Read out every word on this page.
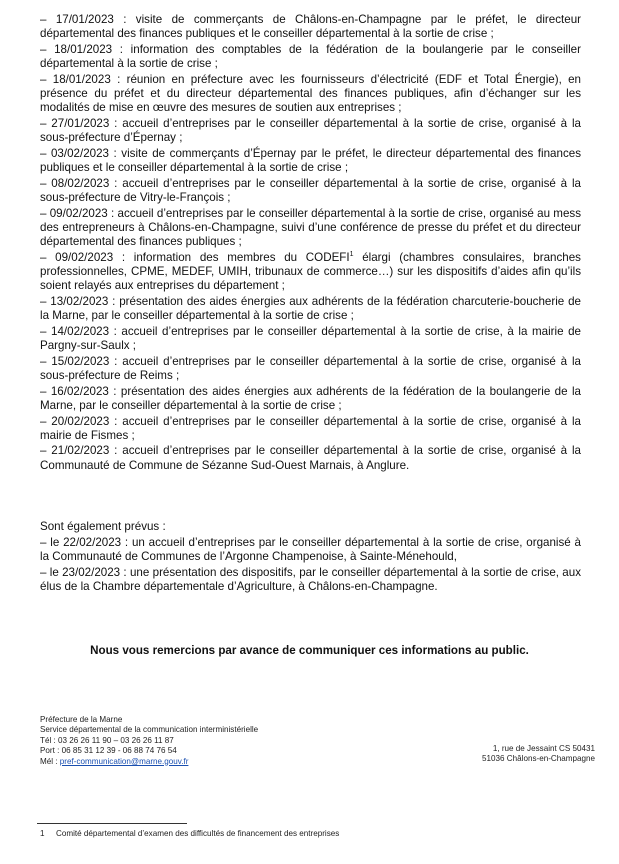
– 17/01/2023 : visite de commerçants de Châlons-en-Champagne par le préfet, le directeur départemental des finances publiques et le conseiller départemental à la sortie de crise ;

– 18/01/2023 : information des comptables de la fédération de la boulangerie par le conseiller départemental à la sortie de crise ;

– 18/01/2023 : réunion en préfecture avec les fournisseurs d’électricité (EDF et Total Énergie), en présence du préfet et du directeur départemental des finances publiques, afin d’échanger sur les modalités de mise en œuvre des mesures de soutien aux entreprises ;

– 27/01/2023 : accueil d’entreprises par le conseiller départemental à la sortie de crise, organisé à la sous-préfecture d’Épernay ;

– 03/02/2023 : visite de commerçants d’Épernay par le préfet, le directeur départemental des finances publiques et le conseiller départemental à la sortie de crise ;

– 08/02/2023 : accueil d’entreprises par le conseiller départemental à la sortie de crise, organisé à la sous-préfecture de Vitry-le-François ;

– 09/02/2023 : accueil d’entreprises par le conseiller départemental à la sortie de crise, organisé au mess des entrepreneurs à Châlons-en-Champagne, suivi d’une conférence de presse du préfet et du directeur départemental des finances publiques ;

– 09/02/2023 : information des membres du CODEFI$^1$ élargi (chambres consulaires, branches professionnelles, CPME, MEDEF, UMIH, tribunaux de commerce…) sur les dispositifs d’aides afin qu’ils soient relayés aux entreprises du département ;

– 13/02/2023 : présentation des aides énergies aux adhérents de la fédération charcuterie-boucherie de la Marne, par le conseiller départemental à la sortie de crise ;

– 14/02/2023 : accueil d’entreprises par le conseiller départemental à la sortie de crise, à la mairie de Pargny-sur-Saulx ;

– 15/02/2023 : accueil d’entreprises par le conseiller départemental à la sortie de crise, organisé à la sous-préfecture de Reims ;

– 16/02/2023 : présentation des aides énergies aux adhérents de la fédération de la boulangerie de la Marne, par le conseiller départemental à la sortie de crise ;

– 20/02/2023 : accueil d’entreprises par le conseiller départemental à la sortie de crise, organisé à la mairie de Fismes ;

– 21/02/2023 : accueil d’entreprises par le conseiller départemental à la sortie de crise, organisé à la Communauté de Commune de Sézanne Sud-Ouest Marnais, à Anglure.

Sont également prévus :

– le 22/02/2023 : un accueil d’entreprises par le conseiller départemental à la sortie de crise, organisé à la Communauté de Communes de l’Argonne Champenoise, à Sainte-Ménehould,

– le 23/02/2023 : une présentation des dispositifs, par le conseiller départemental à la sortie de crise, aux élus de la Chambre départementale d’Agriculture, à Châlons-en-Champagne.

Nous vous remercions par avance de communiquer ces informations au public.
Préfecture de la Marne
Service départemental de la communication interministérielle
Tél : 03 26 26 11 90 – 03 26 26 11 87
Port : 06 85 31 12 39 - 06 88 74 76 54
Mél : pref-communication@marne.gouv.fr
1, rue de Jessaint CS 50431
51036 Châlons-en-Champagne
1 Comité départemental d’examen des difficultés de financement des entreprises
